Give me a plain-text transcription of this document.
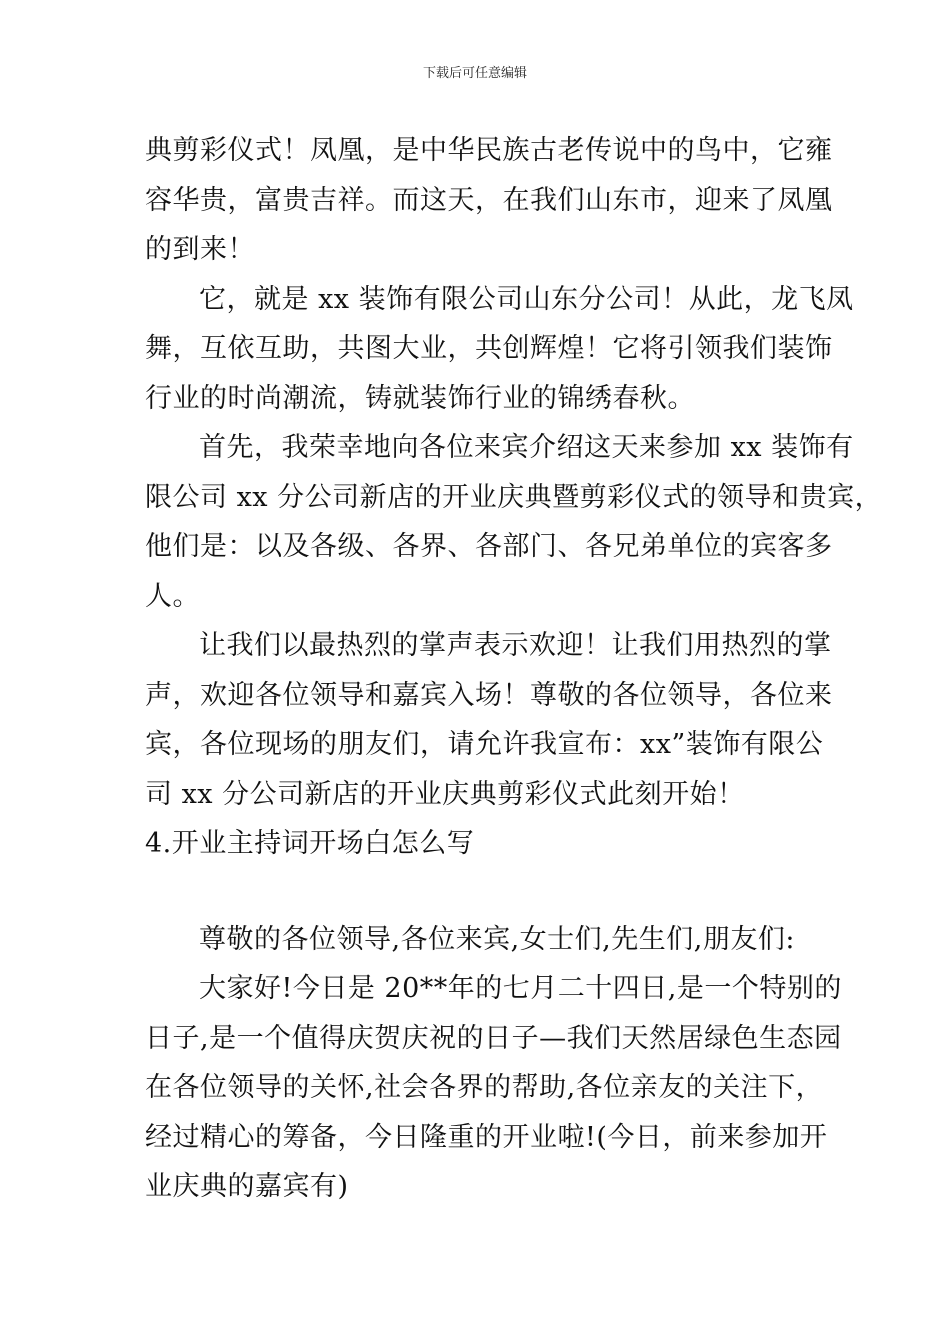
下载后可任意编辑
典剪彩仪式！凤凰，是中华民族古老传说中的鸟中，它雍
容华贵，富贵吉祥。而这天，在我们山东市，迎来了凤凰
的到来！
它，就是 xx 装饰有限公司山东分公司！从此，龙飞凤
舞，互依互助，共图大业，共创辉煌！它将引领我们装饰
行业的时尚潮流，铸就装饰行业的锦绣春秋。
首先，我荣幸地向各位来宾介绍这天来参加 xx 装饰有
限公司 xx 分公司新店的开业庆典暨剪彩仪式的领导和贵宾，
他们是：以及各级、各界、各部门、各兄弟单位的宾客多
人。
让我们以最热烈的掌声表示欢迎！让我们用热烈的掌
声，欢迎各位领导和嘉宾入场！尊敬的各位领导，各位来
宾，各位现场的朋友们，请允许我宣布：xx”装饰有限公
司 xx 分公司新店的开业庆典剪彩仪式此刻开始！
4.开业主持词开场白怎么写
尊敬的各位领导,各位来宾,女士们,先生们,朋友们:
大家好!今日是 20**年的七月二十四日,是一个特别的
日子,是一个值得庆贺庆祝的日子—我们天然居绿色生态园
在各位领导的关怀,社会各界的帮助,各位亲友的关注下，
经过精心的筹备，今日隆重的开业啦!(今日，前来参加开
业庆典的嘉宾有)
